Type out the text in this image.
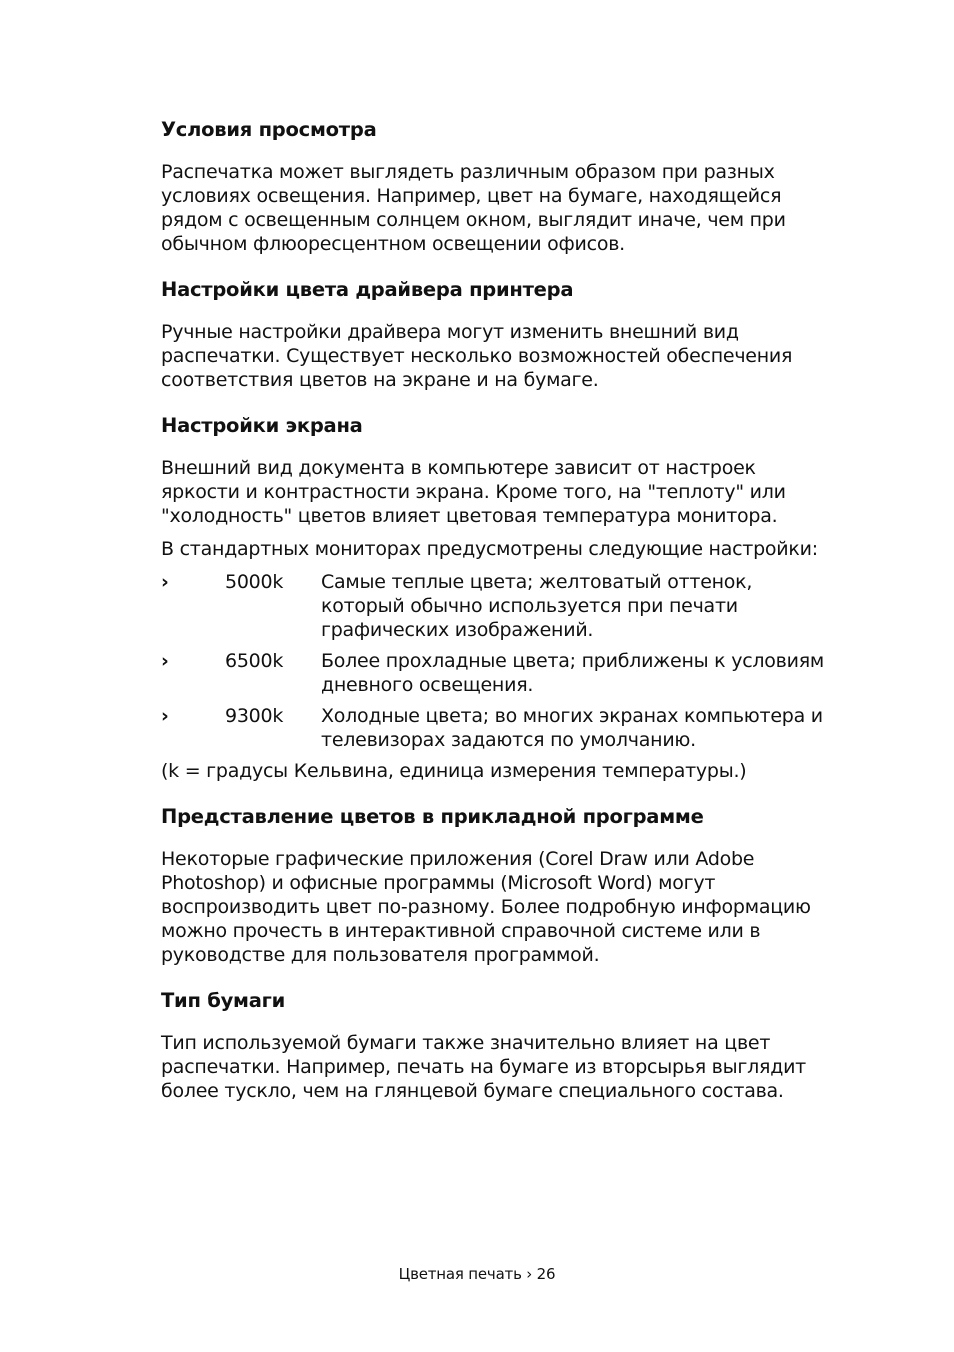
Условия просмотра

Распечатка может выглядеть различным образом при разных условиях освещения. Например, цвет на бумаге, находящейся рядом с освещенным солнцем окном, выглядит иначе, чем при обычном флюоресцентном освещении офисов.

Настройки цвета драйвера принтера

Ручные настройки драйвера могут изменить внешний вид распечатки. Существует несколько возможностей обеспечения соответствия цветов на экране и на бумаге.

Настройки экрана

Внешний вид документа в компьютере зависит от настроек яркости и контрастности экрана. Кроме того, на "теплоту" или "холодность" цветов влияет цветовая температура монитора.

В стандартных мониторах предусмотрены следующие настройки:

›	5000k	Самые теплые цвета; желтоватый оттенок, который обычно используется при печати графических изображений.
›	6500k	Более прохладные цвета; приближены к условиям дневного освещения.
›	9300k	Холодные цвета; во многих экранах компьютера и телевизорах задаются по умолчанию.

(k = градусы Кельвина, единица измерения температуры.)

Представление цветов в прикладной программе

Некоторые графические приложения (Corel Draw или Adobe Photoshop) и офисные программы (Microsoft Word) могут воспроизводить цвет по-разному. Более подробную информацию можно прочесть в интерактивной справочной системе или в руководстве для пользователя программой.

Тип бумаги

Тип используемой бумаги также значительно влияет на цвет распечатки. Например, печать на бумаге из вторсырья выглядит более тускло, чем на глянцевой бумаге специального состава.

Цветная печать › 26
